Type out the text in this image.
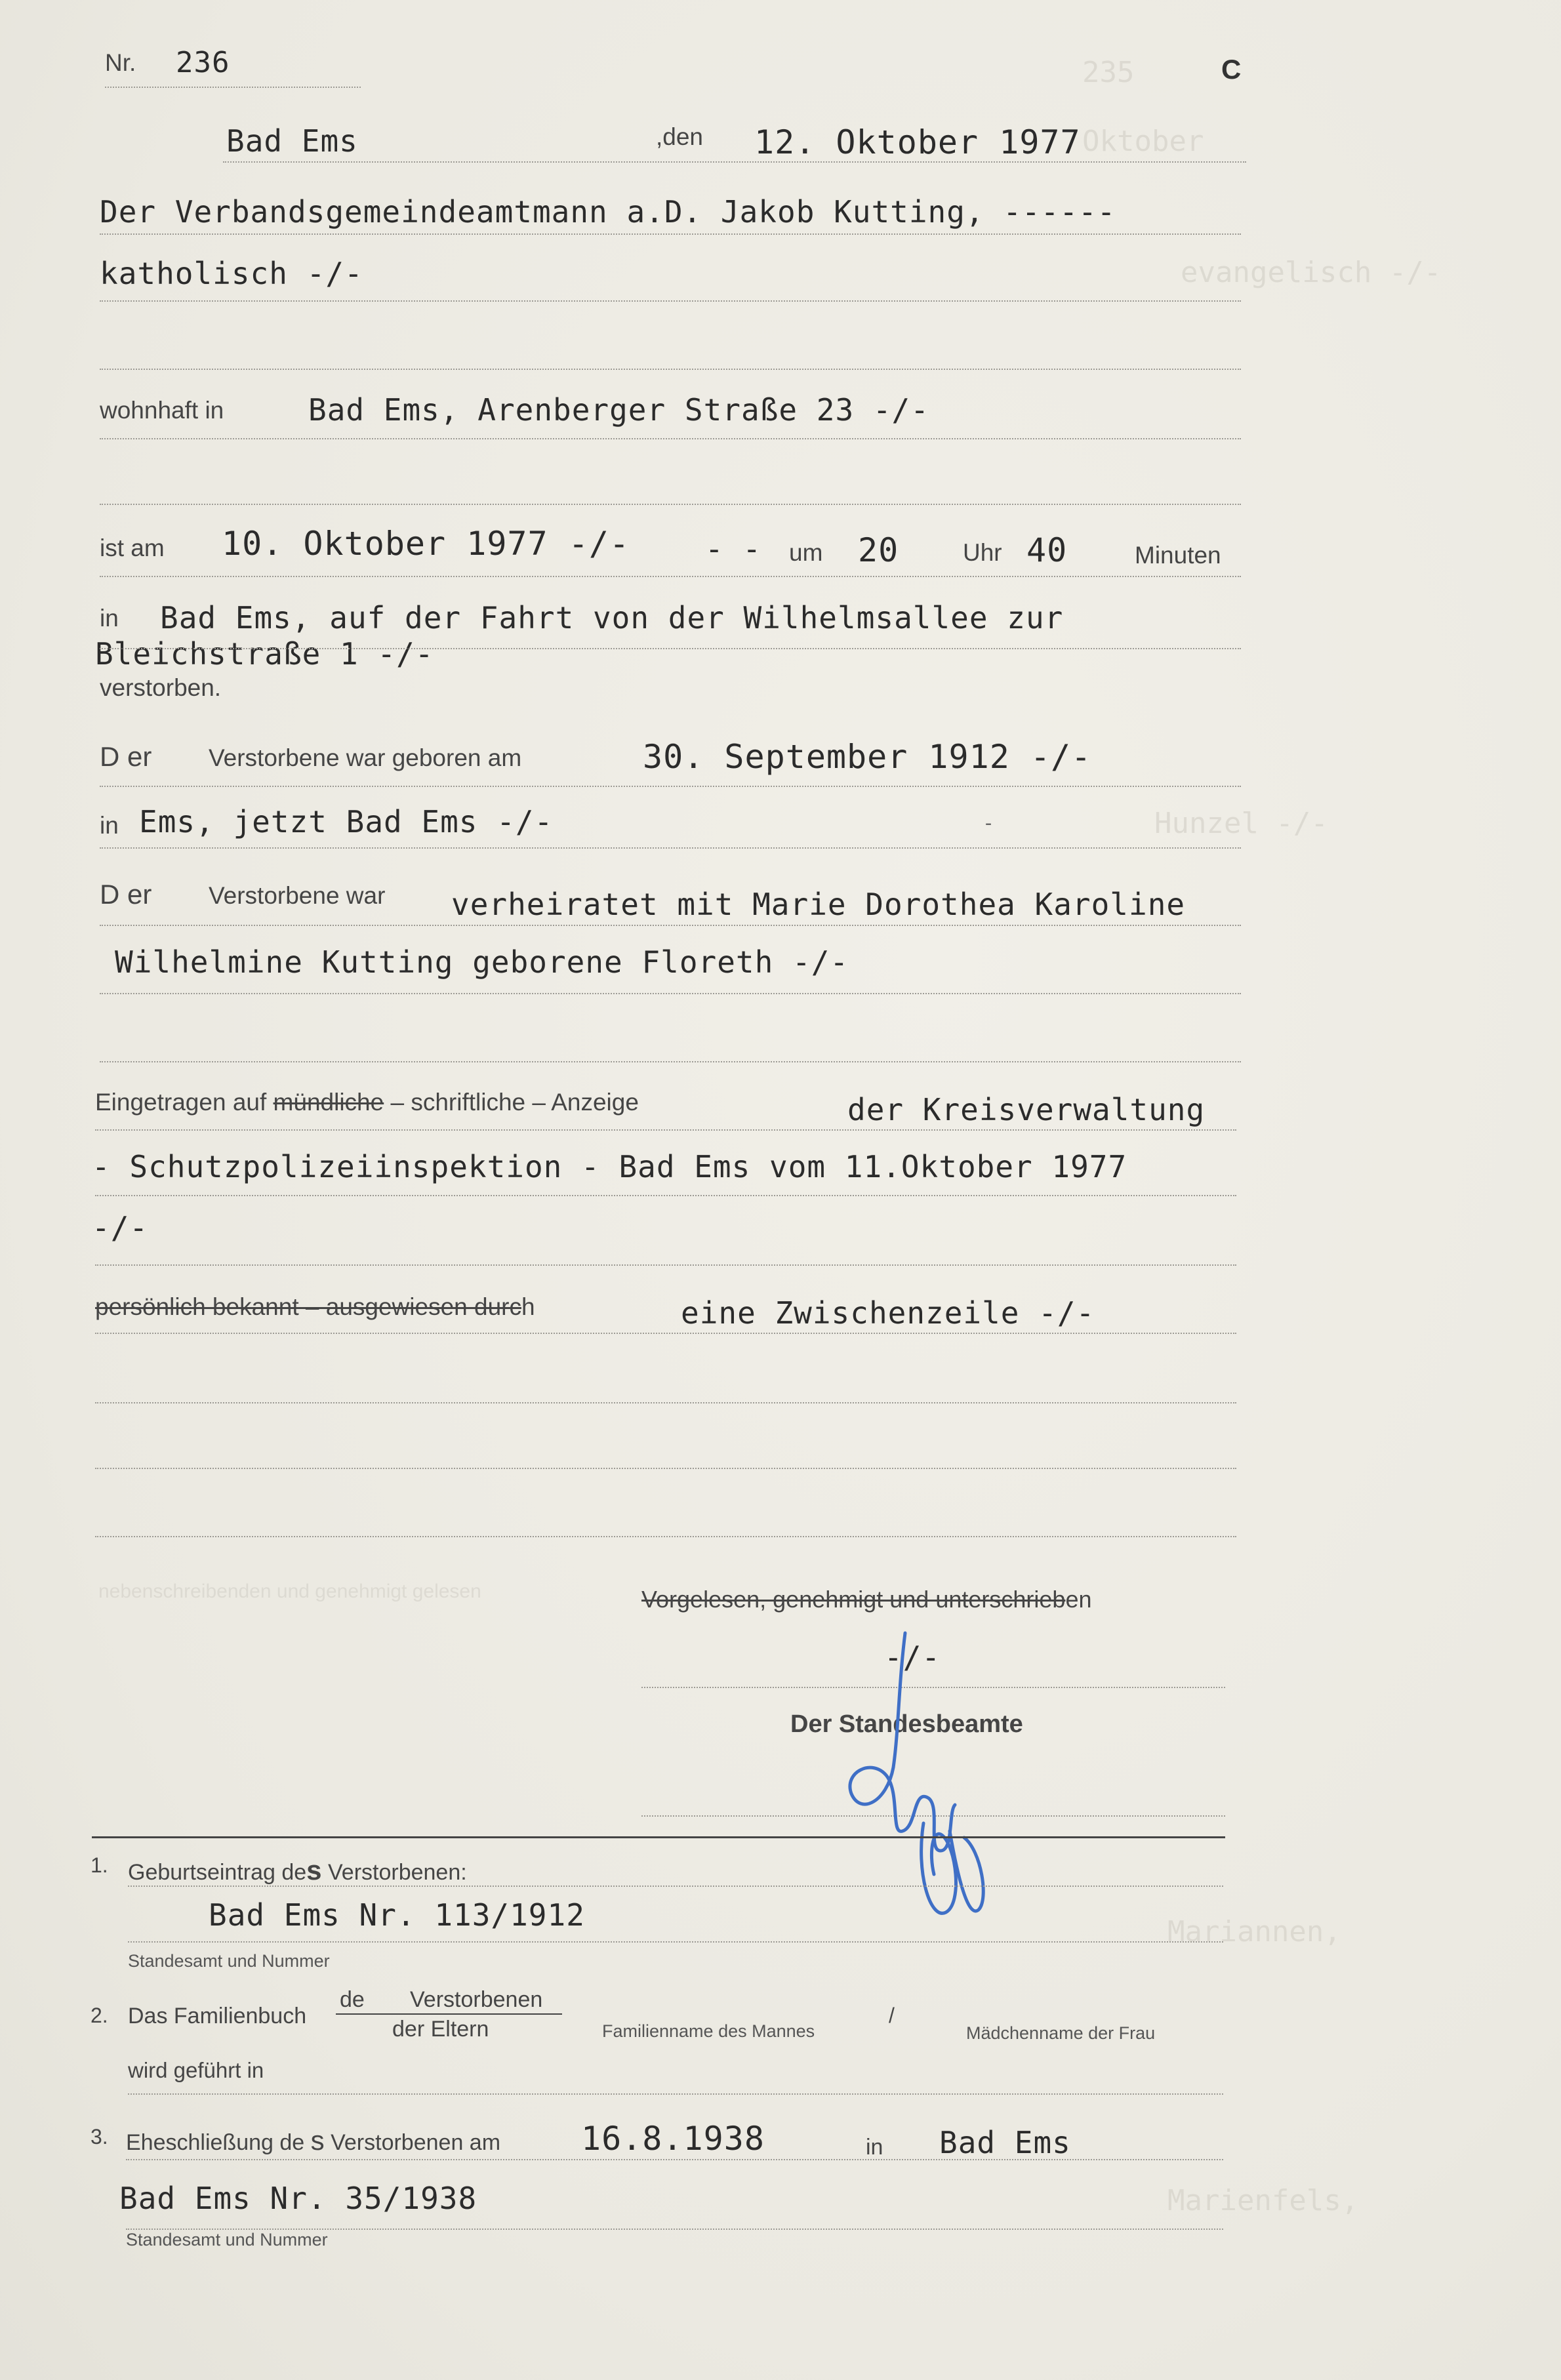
235
Oktober
evangelisch -/-
Hunzel -/-
nebenschreibenden und genehmigt gelesen
Mariannen,
Marienfels,
Nr. 236	C
Bad Ems	,den 12. Oktober 1977
Der Verbandsgemeindeamtmann a.D. Jakob Kutting, ------
katholisch -/-
wohnhaft in	Bad Ems, Arenberger Straße 23 -/-
ist am 10. Oktober 1977 -/- - - um 20	Uhr 40	Minuten
in Bad Ems, auf der Fahrt von der Wilhelmsallee zur
Bleichstraße 1 -/-
verstorben.
D er Verstorbene war geboren am	30. September 1912 -/-
in Ems, jetzt Bad Ems -/-	-
D er Verstorbene war verheiratet mit Marie Dorothea Karoline
Wilhelmine Kutting geborene Floreth -/-
Eingetragen auf mündliche – schriftliche – Anzeige	der Kreisverwaltung
- Schutzpolizeiinspektion - Bad Ems vom 11.Oktober 1977
-/-
persönlich bekannt – ausgewiesen durch	eine Zwischenzeile -/-
Vorgelesen, genehmigt und unterschrieben
-/-
Der Standesbeamte
1. Geburtseintrag des Verstorbenen:
Bad Ems Nr. 113/1912
Standesamt und Nummer
2. Das Familienbuch
de Verstorbenen
der Eltern	Familienname des Mannes
/
Mädchenname der Frau
wird geführt in
3. Eheschließung de s Verstorbenen am 16.8.1938	in Bad Ems
Bad Ems Nr. 35/1938
Standesamt und Nummer
